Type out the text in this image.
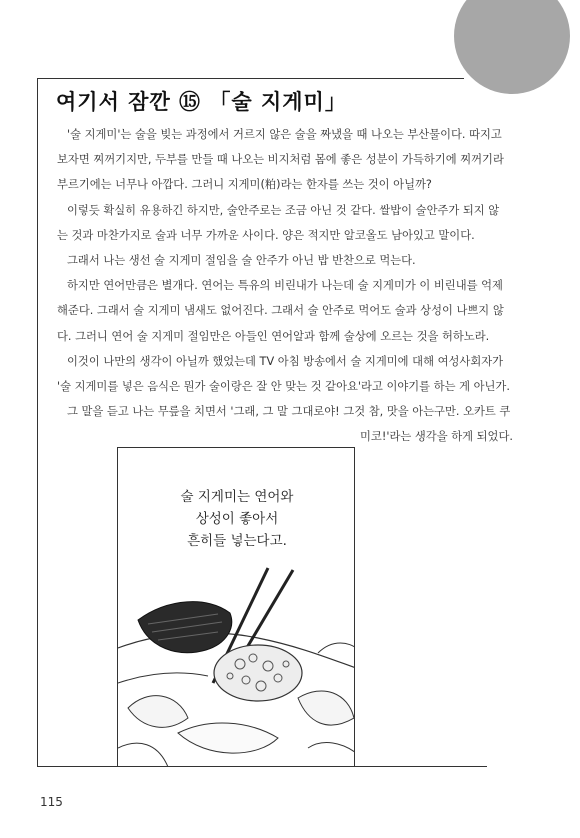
여기서 잠깐 ⑮ 「술 지게미」

'술 지게미'는 술을 빚는 과정에서 거르지 않은 술을 짜냈을 때 나오는 부산물이다. 따지고

보자면 찌꺼기지만, 두부를 만들 때 나오는 비지처럼 몸에 좋은 성분이 가득하기에 찌꺼기라

부르기에는 너무나 아깝다. 그러니 지게미(粕)라는 한자를 쓰는 것이 아닐까?

이렇듯 확실히 유용하긴 하지만, 술안주로는 조금 아닌 것 같다. 쌀밥이 술안주가 되지 않

는 것과 마찬가지로 술과 너무 가까운 사이다. 양은 적지만 알코올도 남아있고 말이다.

그래서 나는 생선 술 지게미 절임을 술 안주가 아닌 밥 반찬으로 먹는다.

하지만 연어만큼은 별개다. 연어는 특유의 비린내가 나는데 술 지게미가 이 비린내를 억제

해준다. 그래서 술 지게미 냄새도 없어진다. 그래서 술 안주로 먹어도 술과 상성이 나쁘지 않

다. 그러니 연어 술 지게미 절임만은 아들인 연어알과 함께 술상에 오르는 것을 허하노라.

이것이 나만의 생각이 아닐까 했었는데 TV 아침 방송에서 술 지게미에 대해 여성사회자가

'술 지게미를 넣은 음식은 뭔가 술이랑은 잘 안 맞는 것 같아요'라고 이야기를 하는 게 아닌가.

그 말을 듣고 나는 무릎을 치면서 '그래, 그 말 그대로야! 그것 참, 맛을 아는구만. 오카트 쿠

미코!'라는 생각을 하게 되었다.

술 지게미는 연어와
상성이 좋아서
흔히들 넣는다고.
115
